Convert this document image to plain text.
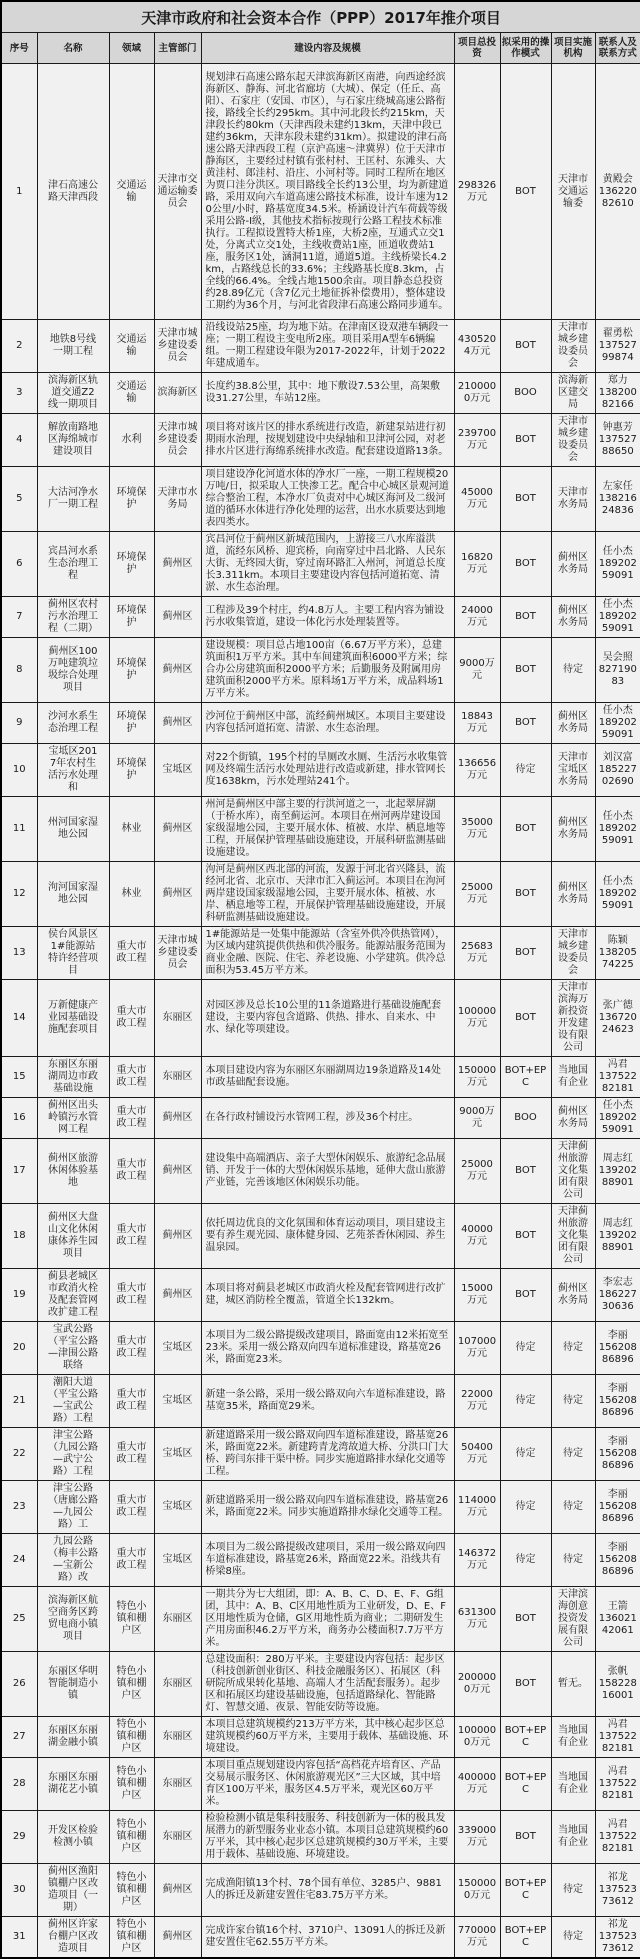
天津市政府和社会资本合作（PPP）2017年推介项目								
序号	名称	领域	主管部门	建设内容及规模	项目总投资	拟采用的操作模式	项目实施机构	联系人及联系方式
1	津石高速公路天津西段	交通运输	天津市交通运输委员会	规划津石高速公路东起天津滨海新区南港，向西途经滨海新区、静海、河北省廊坊（大城）、保定（任丘、高阳）、石家庄（安国、市区），与石家庄绕城高速公路衔接，路线全长约295km。其中河北段长约215km，天津段长约80km（天津西段未建约13km，天津中段已建约36km，天津东段未建约31km）。拟建设的津石高速公路天津西段工程（京沪高速～津冀界）位于天津市静海区，主要经过村镇有张村村、王匡村、东滩头、大黄洼村、郎洼村、沿庄、小河村等。同时工程所在地区为贾口洼分洪区。项目路线全长约13公里，均为新建道路，采用双向六车道高速公路技术标准，设计车速为120公里/小时，路基宽度34.5米。桥涵设计汽车荷载等级采用公路-I级，其他技术指标按现行公路工程技术标准执行。工程拟设置特大桥1座，大桥2座，互通式立交1处，分离式立交1处，主线收费站1座，匝道收费站1座，服务区1处，涵洞11道，通道5道。主线桥梁长4.2km，占路线总长的33.6%；主线路基长度8.3km，占全线的66.4%。全线占地1500余亩。项目静态总投资约28.89亿元（含7亿元土地征拆补偿费用），整体建设工期约为36个月，与河北省段津石高速公路同步通车。	298326万元	BOT	天津市交通运输委	黄殿会
13622082610

2	地铁8号线一期工程	交通运输	天津市城乡建设委员会	沿线设站25座，均为地下站。在津南区设双港车辆段一座；一期工程设主变电所2座。项目采用A型车6辆编组。一期工程建设年限为2017-2022年，计划于2022年建成通车。	4305204万元	BOT	天津市城乡建设委员会	翟勇松
13752799874

3	滨海新区轨道交通Z2线一期项目	交通运输	滨海新区	长度约38.8公里，其中：地下敷设7.53公里，高架敷设31.27公里，车站12座。	2100000万元	BOO	滨海新区建交局	郑力
13820082166

4	解放南路地区海绵城市建设项目	水利	天津市城乡建设委员会	项目将对该片区的排水系统进行改造，新建泵站进行初期雨水治理，按规划建设中央绿轴和卫津河公园，对老排水片区进行海绵系统排水改造。配套建设道路13条。	239700万元	BOT	天津市城乡建设委员会	钟惠芳
13752788650

5	大沽河净水厂一期工程	环境保护	天津市水务局	项目建设净化河道水体的净水厂一座，一期工程规模20万吨/日，拟采取人工快渗工艺。配合中心城区景观河道综合整治工程，本净水厂负责对中心城区海河及二级河道的循环水体进行净化处理的运营，出水水质要达到地表四类水。	45000万元	BOT	天津市水务局	左家任
13821624836

6	宾昌河水系生态治理工程	环境保护	蓟州区	宾昌河位于蓟州区新城范围内，上游接三八水库溢洪道，流经东风桥、迎宾桥，向南穿过中昌北路、人民东大街、无终园大街，穿过南环路汇入州河，河道总长度长3.311km。本项目主要建设内容包括河道拓宽、清淤、水生态治理。	16820万元	BOT	蓟州区水务局	任小杰
18920259091

7	蓟州区农村污水治理工程（二期）	环境保护	蓟州区	工程涉及39个村庄，约4.8万人。主要工程内容为铺设污水收集管道，建设一体化污水处理装置等。	24000万元	BOT	蓟州区水务局	任小杰
18920259091

8	蓟州区100万吨建筑垃圾综合处理项目	环境保护	蓟州区	建设规模：项目总占地100亩（6.67万平方米），总建筑面积1万平方米。其中车间建筑面积6000平方米；综合办公房建筑面积2000平方米；后勤服务及附属用房建筑面积2000平方米。原料场1万平方米，成品料场1万平方米。	9000万元	BOT	待定	吴会照
82719083

9	沙河水系生态治理工程	环境保护	蓟州区	沙河位于蓟州区中部，流经蓟州城区。本项目主要建设内容包括河道拓宽、清淤、水生态治理。	18843万元	BOT	蓟州区水务局	任小杰
18920259091

10	宝坻区2017年农村生活污水处理和	环境保护	宝坻区	对22个街镇，195个村的旱厕改水厕、生活污水收集管网及终端生活污水处理站进行改造或新建，排水管网长度1638km，污水处理站241个。	136656万元	待定	天津市宝坻区水务局	刘汉富
18522702690

11	州河国家湿地公园	林业	蓟州区	州河是蓟州区中部主要的行洪河道之一，北起翠屏湖（于桥水库），南至蓟运河。本项目在州河两岸建设国家级湿地公园，主要开展水体、植被、水岸、栖息地等工程，开展保护管理基础设施建设，开展科研监测基础设施建设。	35000万元	BOT	蓟州区水务局	任小杰
18920259091

12	泃河国家湿地公园	林业	蓟州区	泃河是蓟州区西北部的河流，发源于河北省兴隆县，流经河北省、北京市、天津市汇入蓟运河。本项目在泃河两岸建设国家级湿地公园，主要开展水体、植被、水岸、栖息地等工程，开展保护管理基础设施建设，开展科研监测基础设施建设。	25000万元	BOT	蓟州区水务局	任小杰
18920259091

13	侯台风景区1#能源站特许经营项目	重大市政工程	天津市城乡建设委员会	1#能源站是一处集中能源站（含室外供冷供热管网），为区域内建筑提供供热和供冷服务。能源站服务范围为商业金融、医院、住宅、养老设施、小学建筑。供冷总面积为53.45万平方米。	25683万元	BOT	天津市城乡建设委员会	陈颖
13820574225

14	万新健康产业园基础设施配套项目	重大市政工程	东丽区	对园区涉及总长10公里的11条道路进行基础设施配套建设，主要内容包含道路、供热、排水、自来水、中水、绿化等项建设。	100000万元	BOT	天津市滨海万新投资开发建设有限公司	张广德
13672024623

15	东丽区东丽湖周边市政基础设施	重大市政工程	东丽区	本项目建设内容为东丽区东丽湖周边19条道路及14处市政基础配套设施。	150000万元	BOT+EPC	当地国有企业	冯君
13752282181

16	蓟州区出头岭镇污水管网工程	重大市政工程	蓟州区	在各行政村铺设污水管网工程，涉及36个村庄。	9000万元	BOO	蓟州区水务局	任小杰
18920259091

17	蓟州区旅游休闲体验基地	重大市政工程	蓟州区	建设集中高端酒店、亲子大型休闲娱乐、旅游纪念品展销、开发于一体的大型休闲娱乐基地，延伸大盘山旅游产业链，完善该地区休闲娱乐功能。	25000万元	BOT	天津蓟州旅游文化集团有限公司	周志红
13920288901

18	蓟州区大盘山文化休闲康体养生园项目	重大市政工程	蓟州区	依托周边优良的文化氛围和体育运动项目，项目建设主要有养生观光园、康体健身园、艺苑茶香休闲园、养生温泉园。	40000万元	BOT	天津蓟州旅游文化集团有限公司	周志红
13920288901

19	蓟县老城区市政消火栓及配套管网改扩建工程	重大市政工程	蓟州区	本项目将对蓟县老城区市政消火栓及配套管网进行改扩建，城区消防栓全覆盖，管道全长132km。	15000万元	BOT	蓟州区水务局	李宏志
18622730636

20	宝武公路（平宝公路—津围公路联络	重大市政工程	宝坻区	本项目为二级公路提级改建项目，路面宽由12米拓宽至23米。采用一级公路双向四车道标准建设，路基宽26米，路面宽23米。	107000万元	待定	待定	李丽
15620886896

21	潮阳大道（平宝公路—宝武公路）工程	重大市政工程	宝坻区	新建一条公路，采用一级公路双向六车道标准建设，路基宽35米，路面宽29米。	22000万元	待定	待定	李丽
15620886896

22	津宝公路（九园公路—武宁公路）工程	重大市政工程	宝坻区	新建道路采用一级公路双向四车道标准建设，路基宽26米，路面宽22米。新建跨青龙湾故道大桥、分洪口门大桥、跨闫东排干渠中桥。同步实施道路排水绿化交通等工程。	50400万元	待定	待定	李丽
15620886896

23	津宝公路（唐廊公路—九园公路）工	重大市政工程	宝坻区	新建道路采用一级公路双向四车道标准建设，路基宽26米，路面宽22米。同步实施道路排水绿化交通等工程。	114000万元	待定	待定	李丽
15620886896

24	九园公路（梅丰公路—宝新公路）改	重大市政工程	宝坻区	本项目为二级公路提级改建项目，采用一级公路双向四车道标准建设，路基宽26米，路面宽22米。沿线共有桥梁8座。	146372万元	待定	待定	李丽
15620886896

25	滨海新区航空商务区跨贸电商小镇项目	特色小镇和棚户区	东丽区	一期共分为七大组团，即：A、B、C、D、E、F、G组团，其中：A、B、C区用地性质为工业研发，D、E、F区用地性质为仓储，G区用地性质为商业；二期研发生产用房面积46.2万平方米，商务办公楼面积7.7万平方米。	631300万元	BOT	天津滨海创意投资发展有限公司	王箭
13602142061

26	东丽区华明智能制造小镇	特色小镇和棚户区	东丽区	总建设面积：280万平米。主要建设内容包括：起步区（科技创新创业街区、科技金融服务区）、拓展区（科研院所成果转化基地、高端人才生活配套服务）。起步区和拓展区均建设基础设施，包括道路绿化、智能路灯、智慧交通、夜景、智能安防等设施。	2000000万元	BOT	暂无。	张帆
15822816001

27	东丽区东丽湖金融小镇	特色小镇和棚户区	东丽区	本项目总建筑规模约213万平方米，其中核心起步区总建筑规模约60万平方米，主要用于载体、基础设施、环境建设。	1000000万元	BOT+EPC	当地国有企业	冯君
13752282181

28	东丽区东丽湖花艺小镇	特色小镇和棚户区	东丽区	本项目重点规划建设内容包括“高档花卉培育区、产品交易展示服务区、休闲旅游观光区”三大区域，其中培育区100万平米，服务区4.5万平米，观光区60万平米。	400000万元	BOT+EPC	当地国有企业	冯君
13752282181

29	开发区检验检测小镇	特色小镇和棚户区	东丽区	检验检测小镇是集科技服务、科技创新为一体的极具发展潜力的新型服务业业态小镇。本项目总建筑规模约60万平米，其中核心起步区总建筑规模约30万平米，主要用于载体、基础设施、环境建设。	339000万元	BOT	当地国有企业	冯君
13752282181

30	蓟州区渔阳镇棚户区改造项目（一期）	特色小镇和棚户区	蓟州区	完成渔阳镇13个村、78个国有单位、3285户、9881人的拆迁及新建安置住宅83.75万平方米。	1500000万元	BOT+EPC	待定	祁龙
13752373612

31	蓟州区许家台棚户区改造项目	特色小镇和棚户区	蓟州区	完成许家台镇16个村、3710户、13091人的拆迁及新建安置住宅62.55万平方米。	770000万元	BOT+EPC	待定	祁龙
13752373612
